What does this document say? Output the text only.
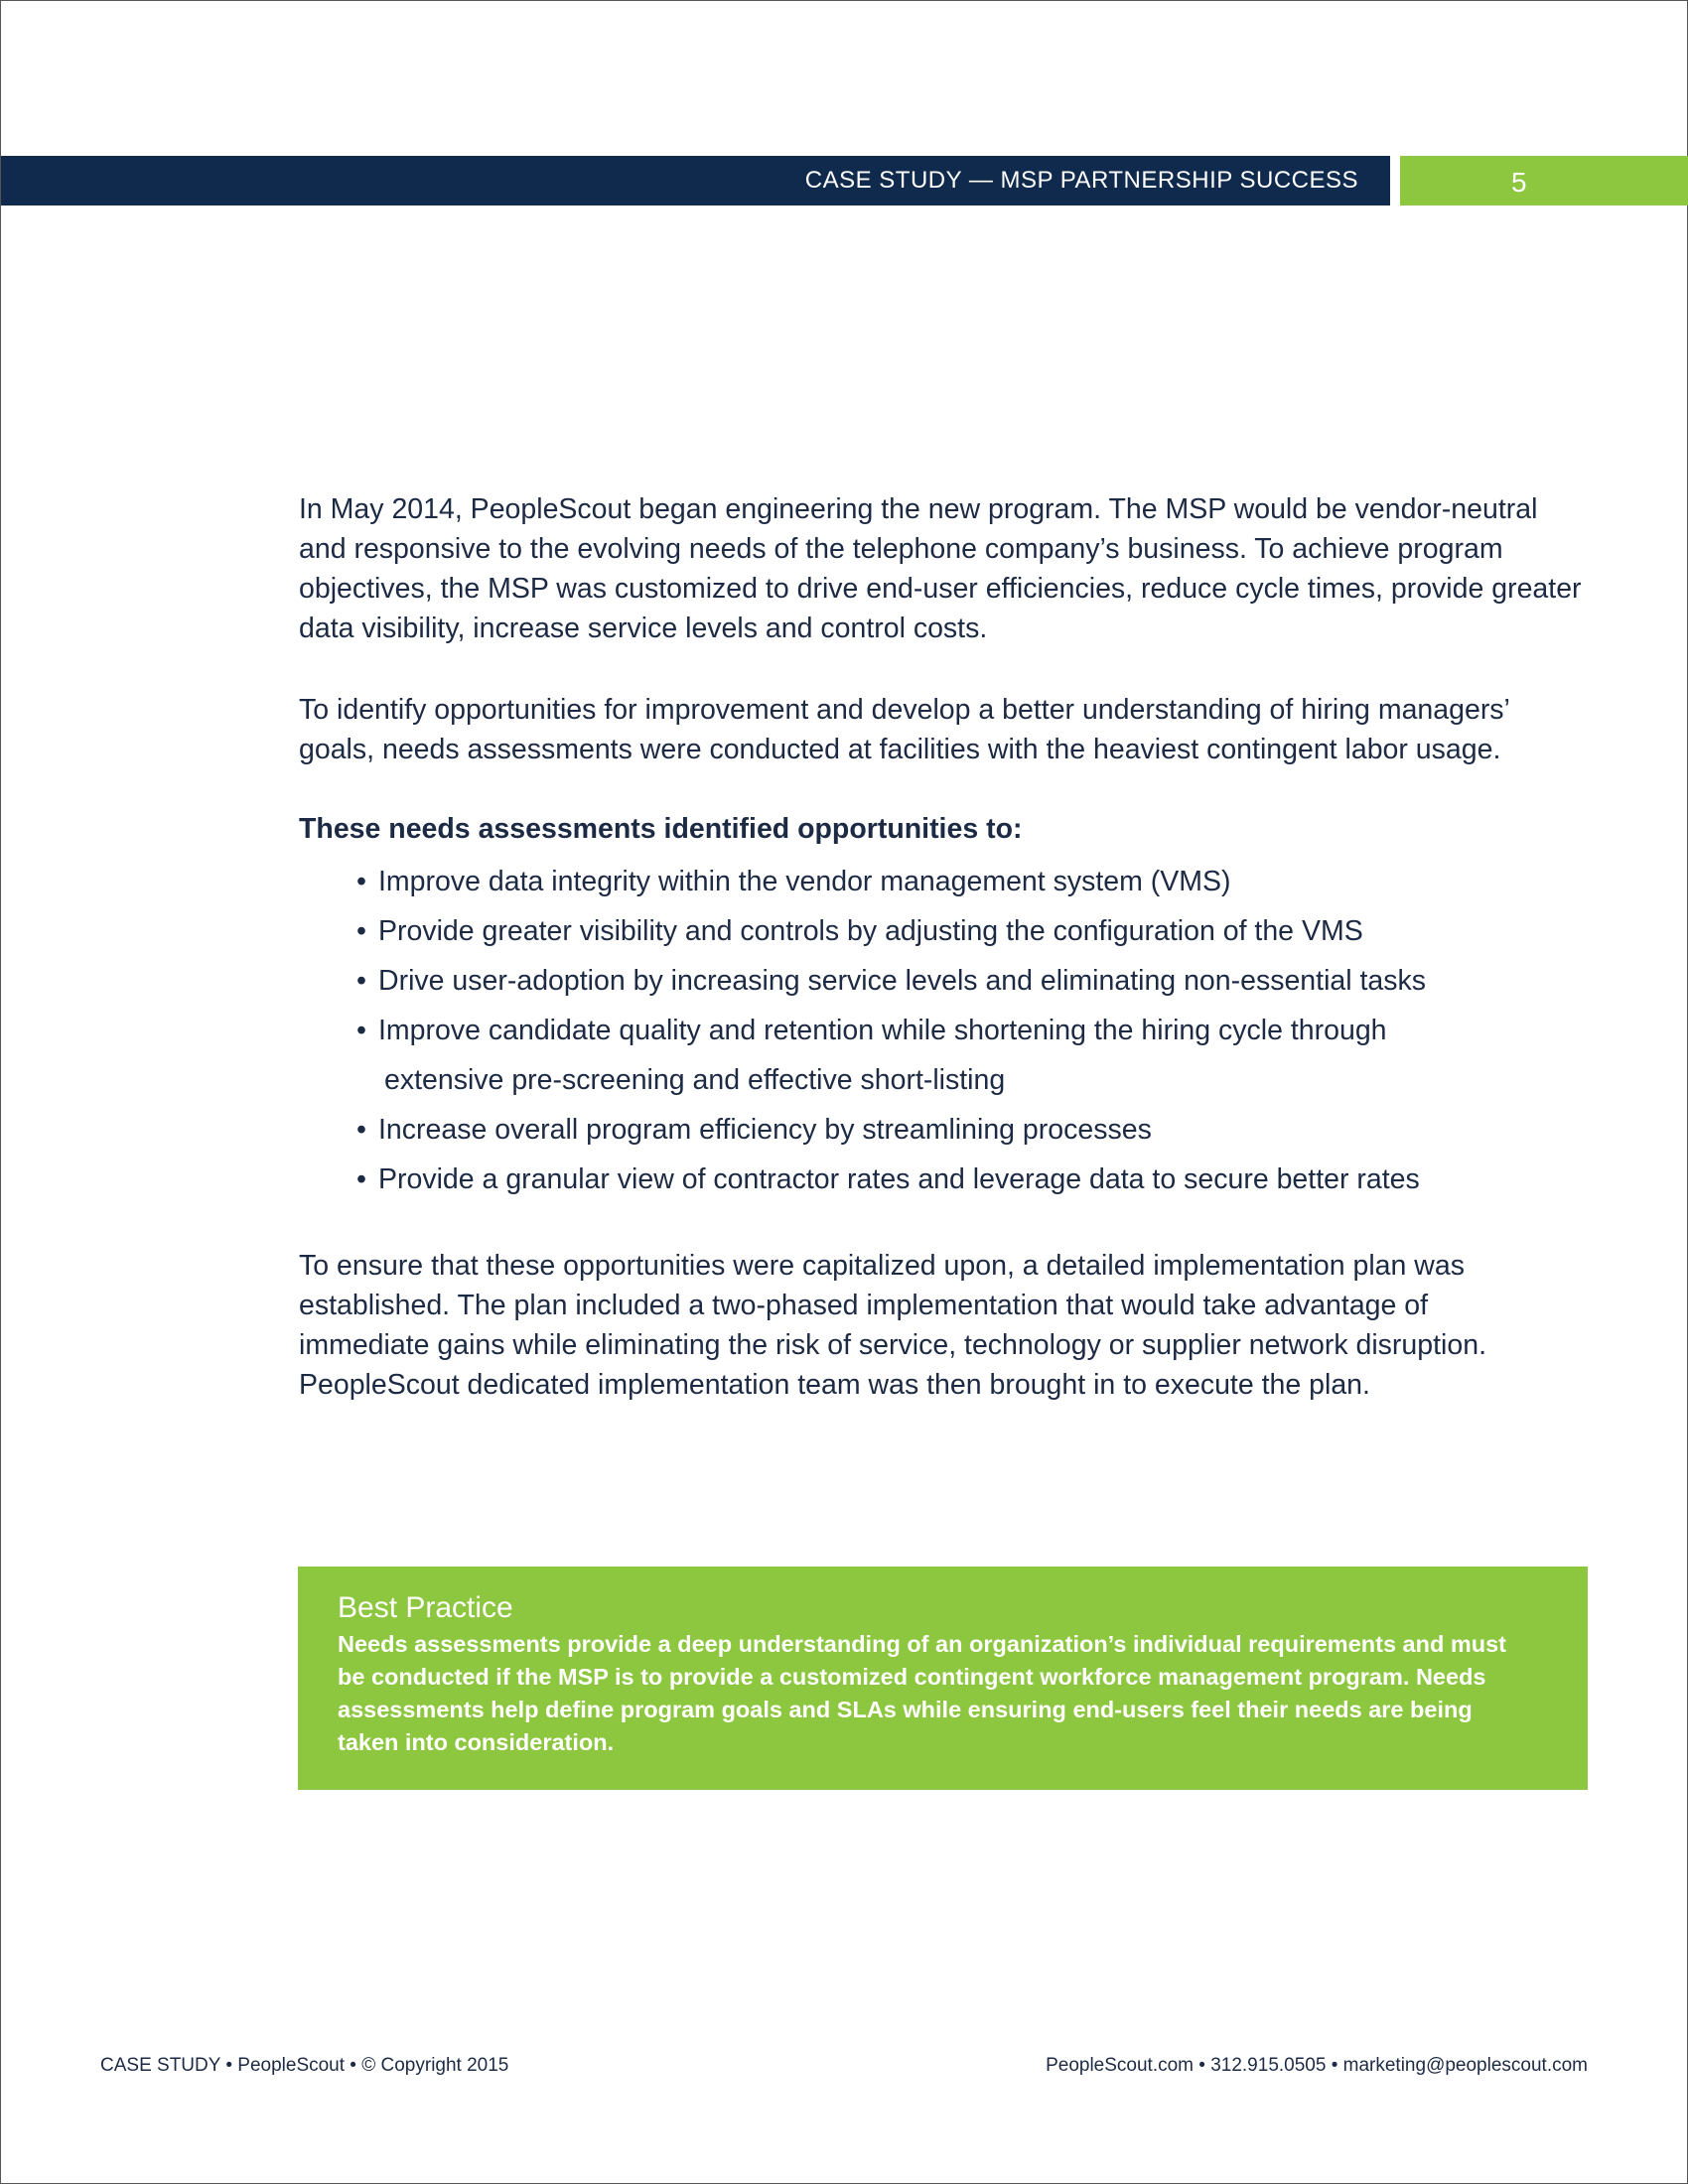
CASE STUDY — MSP PARTNERSHIP SUCCESS	5

In May 2014, PeopleScout began engineering the new program. The MSP would be vendor-neutral and responsive to the evolving needs of the telephone company’s business. To achieve program objectives, the MSP was customized to drive end-user efficiencies, reduce cycle times, provide greater data visibility, increase service levels and control costs.

To identify opportunities for improvement and develop a better understanding of hiring managers’ goals, needs assessments were conducted at facilities with the heaviest contingent labor usage.

These needs assessments identified opportunities to:

• Improve data integrity within the vendor management system (VMS)
• Provide greater visibility and controls by adjusting the configuration of the VMS
• Drive user-adoption by increasing service levels and eliminating non-essential tasks
• Improve candidate quality and retention while shortening the hiring cycle through
extensive pre-screening and effective short-listing
• Increase overall program efficiency by streamlining processes
• Provide a granular view of contractor rates and leverage data to secure better rates

To ensure that these opportunities were capitalized upon, a detailed implementation plan was established. The plan included a two-phased implementation that would take advantage of immediate gains while eliminating the risk of service, technology or supplier network disruption. PeopleScout dedicated implementation team was then brought in to execute the plan.

Best Practice

Needs assessments provide a deep understanding of an organization’s individual requirements and must be conducted if the MSP is to provide a customized contingent workforce management program. Needs assessments help define program goals and SLAs while ensuring end-users feel their needs are being taken into consideration.

CASE STUDY • PeopleScout • © Copyright 2015	PeopleScout.com • 312.915.0505 • marketing@peoplescout.com
